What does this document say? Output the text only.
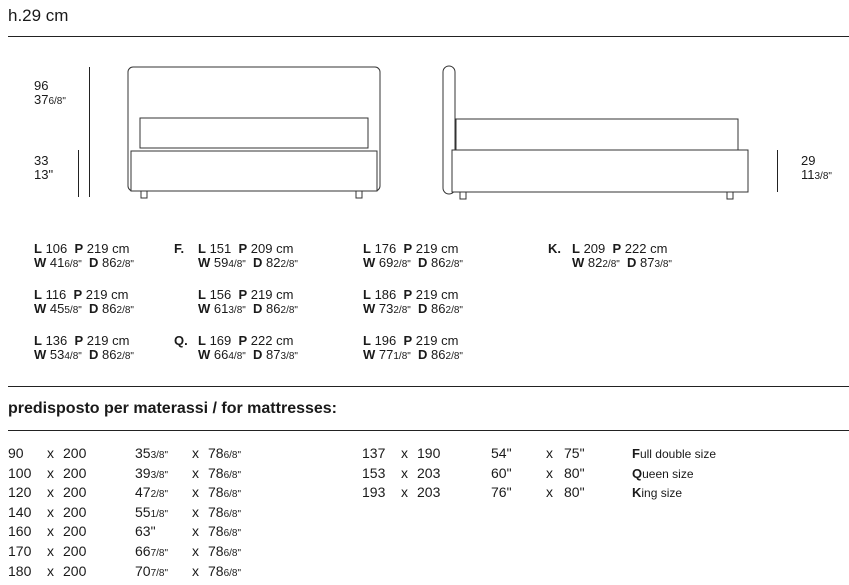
h.29 cm
96
376/8"
33
13"
29
113/8"
L 106  P 219 cm
W 416/8" D 862/8"
L 116  P 219 cm
W 455/8" D 862/8"
L 136  P 219 cm
W 534/8" D 862/8"
F. L 151  P 209 cm
W 594/8" D 822/8"
L 156  P 219 cm
W 613/8" D 862/8"
Q. L 169  P 222 cm
W 664/8" D 873/8"
L 176  P 219 cm
W 692/8" D 862/8"
L 186  P 219 cm
W 732/8" D 862/8"
L 196  P 219 cm
W 771/8" D 862/8"
K. L 209  P 222 cm
W 822/8" D 873/8"
predisposto per materassi / for mattresses:
90 x 200	353/8" x 786/8"
100 x 200	393/8" x 786/8"
120 x 200	472/8" x 786/8"
140 x 200	551/8" x 786/8"
160 x 200	63"	x 786/8"
170 x 200	667/8" x 786/8"
180 x 200	707/8" x 786/8"
137 x 190	54" x 75"	Full double size
153 x 203	60" x 80"	Queen size
193 x 203	76" x 80"	King size
